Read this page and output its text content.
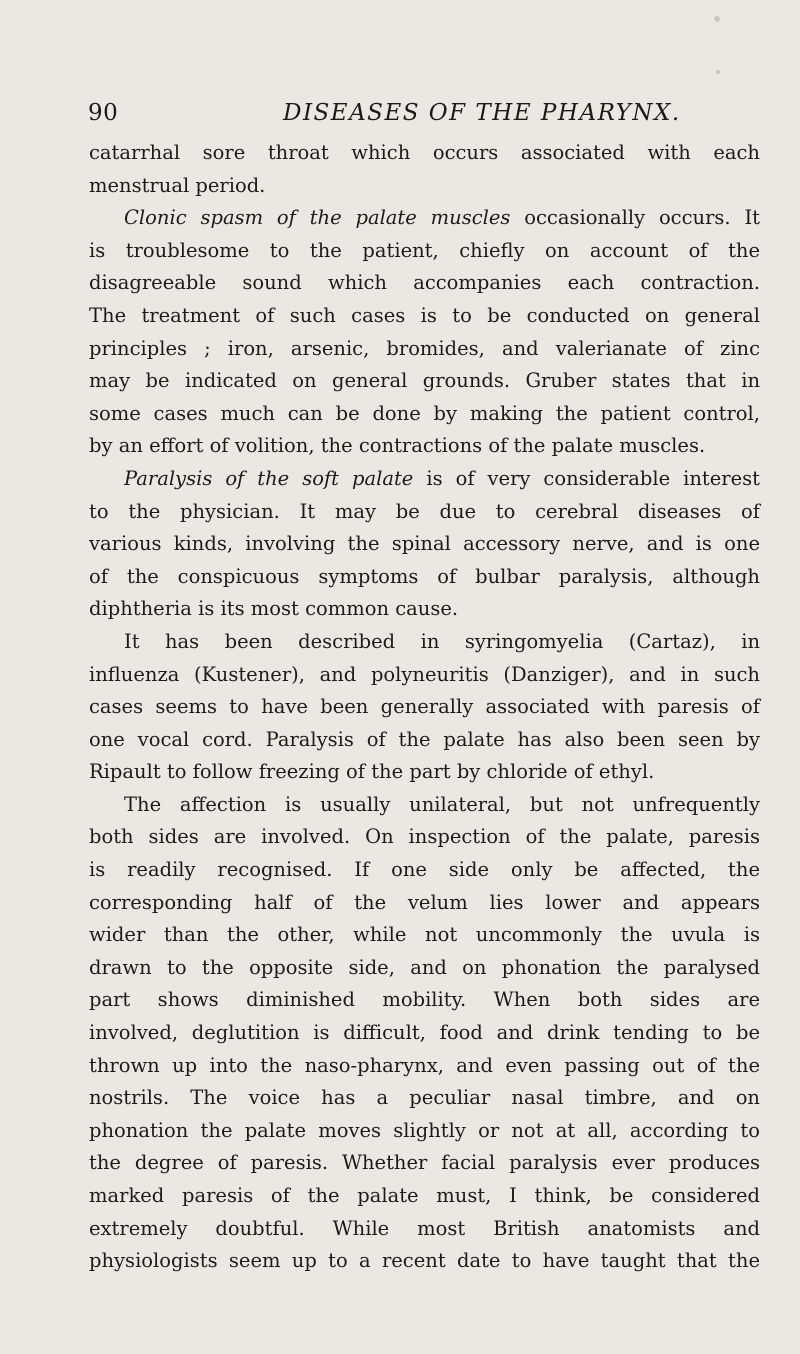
90	DISEASES OF THE PHARYNX.
catarrhal sore throat which occurs associated with each
menstrual period.
Clonic spasm of the palate muscles occasionally occurs. It
is troublesome to the patient, chiefly on account of the
disagreeable sound which accompanies each contraction.
The treatment of such cases is to be conducted on general
principles ; iron, arsenic, bromides, and valerianate of zinc
may be indicated on general grounds. Gruber states that in
some cases much can be done by making the patient control,
by an effort of volition, the contractions of the palate muscles.
Paralysis of the soft palate is of very considerable interest
to the physician. It may be due to cerebral diseases of
various kinds, involving the spinal accessory nerve, and is one
of the conspicuous symptoms of bulbar paralysis, although
diphtheria is its most common cause.
It has been described in syringomyelia (Cartaz), in
influenza (Kustener), and polyneuritis (Danziger), and in such
cases seems to have been generally associated with paresis of
one vocal cord. Paralysis of the palate has also been seen by
Ripault to follow freezing of the part by chloride of ethyl.
The affection is usually unilateral, but not unfrequently
both sides are involved. On inspection of the palate, paresis
is readily recognised. If one side only be affected, the
corresponding half of the velum lies lower and appears
wider than the other, while not uncommonly the uvula is
drawn to the opposite side, and on phonation the paralysed
part shows diminished mobility. When both sides are
involved, deglutition is difficult, food and drink tending to be
thrown up into the naso-pharynx, and even passing out of the
nostrils. The voice has a peculiar nasal timbre, and on
phonation the palate moves slightly or not at all, according to
the degree of paresis. Whether facial paralysis ever produces
marked paresis of the palate must, I think, be considered
extremely doubtful. While most British anatomists and
physiologists seem up to a recent date to have taught that the
